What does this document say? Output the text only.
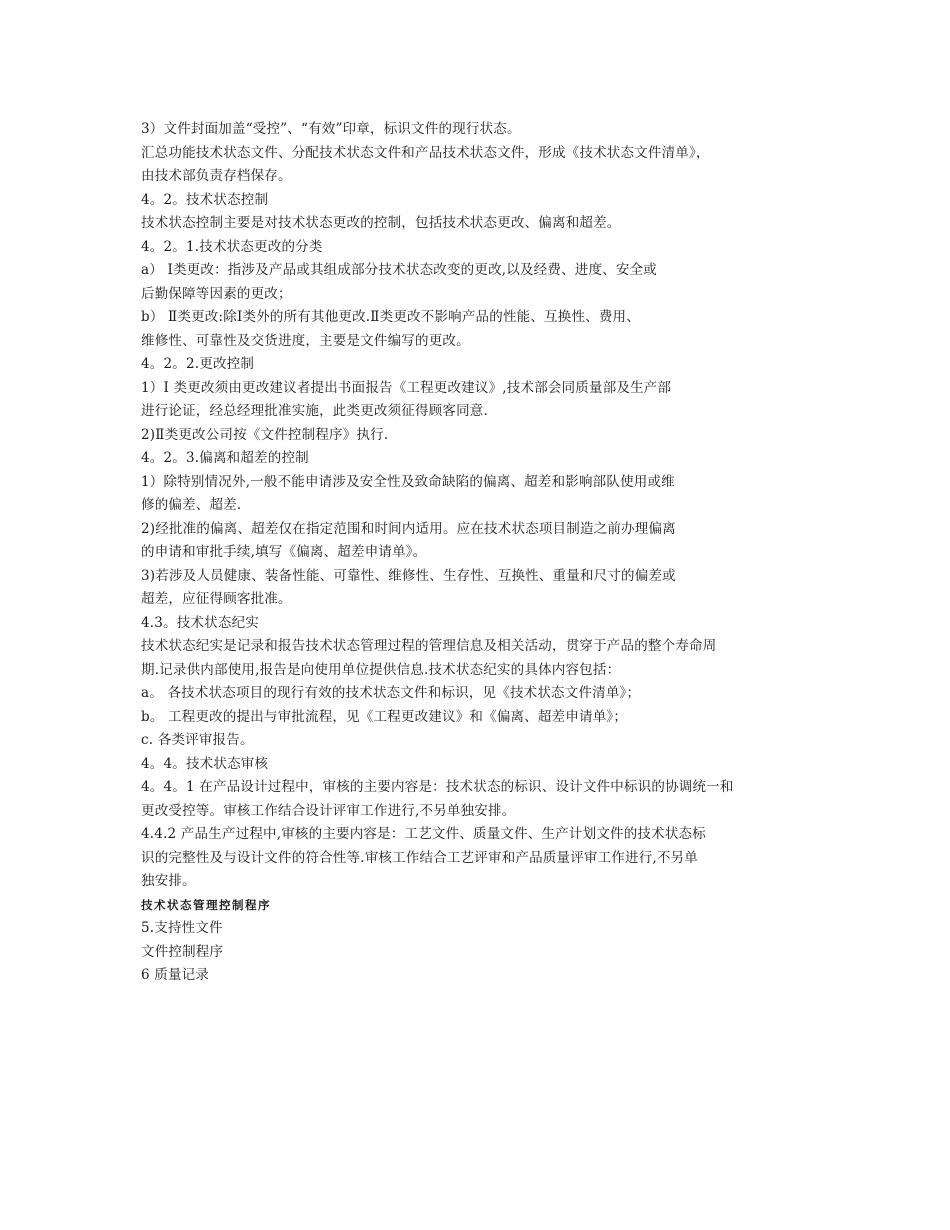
3）文件封面加盖“受控”、“有效”印章，标识文件的现行状态。
汇总功能技术状态文件、分配技术状态文件和产品技术状态文件，形成《技术状态文件清单》，
由技术部负责存档保存。
4。2。技术状态控制
技术状态控制主要是对技术状态更改的控制，包括技术状态更改、偏离和超差。
4。2。1.技术状态更改的分类
a） Ⅰ类更改：指涉及产品或其组成部分技术状态改变的更改,以及经费、进度、安全或
后勤保障等因素的更改；
b） Ⅱ类更改:除Ⅰ类外的所有其他更改.Ⅱ类更改不影响产品的性能、互换性、费用、
维修性、可靠性及交货进度，主要是文件编写的更改。
4。2。2.更改控制
1）Ⅰ 类更改须由更改建议者提出书面报告《工程更改建议》,技术部会同质量部及生产部
进行论证，经总经理批准实施，此类更改须征得顾客同意.
2)Ⅱ类更改公司按《文件控制程序》执行.
4。2。3.偏离和超差的控制
1）除特别情况外,一般不能申请涉及安全性及致命缺陷的偏离、超差和影响部队使用或维
修的偏差、超差.
2)经批准的偏离、超差仅在指定范围和时间内适用。应在技术状态项目制造之前办理偏离
的申请和审批手续,填写《偏离、超差申请单》。
3)若涉及人员健康、装备性能、可靠性、维修性、生存性、互换性、重量和尺寸的偏差或
超差，应征得顾客批准。
4.3。技术状态纪实
技术状态纪实是记录和报告技术状态管理过程的管理信息及相关活动，贯穿于产品的整个寿命周
期.记录供内部使用,报告是向使用单位提供信息.技术状态纪实的具体内容包括：
a。 各技术状态项目的现行有效的技术状态文件和标识，见《技术状态文件清单》；
b。 工程更改的提出与审批流程，见《工程更改建议》和《偏离、超差申请单》；
c. 各类评审报告。
4。4。技术状态审核
4。4。1 在产品设计过程中，审核的主要内容是：技术状态的标识、设计文件中标识的协调统一和
更改受控等。审核工作结合设计评审工作进行,不另单独安排。
4.4.2 产品生产过程中,审核的主要内容是：工艺文件、质量文件、生产计划文件的技术状态标
识的完整性及与设计文件的符合性等.审核工作结合工艺评审和产品质量评审工作进行,不另单
独安排。
技术状态管理控制程序
5.支持性文件
文件控制程序
6 质量记录
